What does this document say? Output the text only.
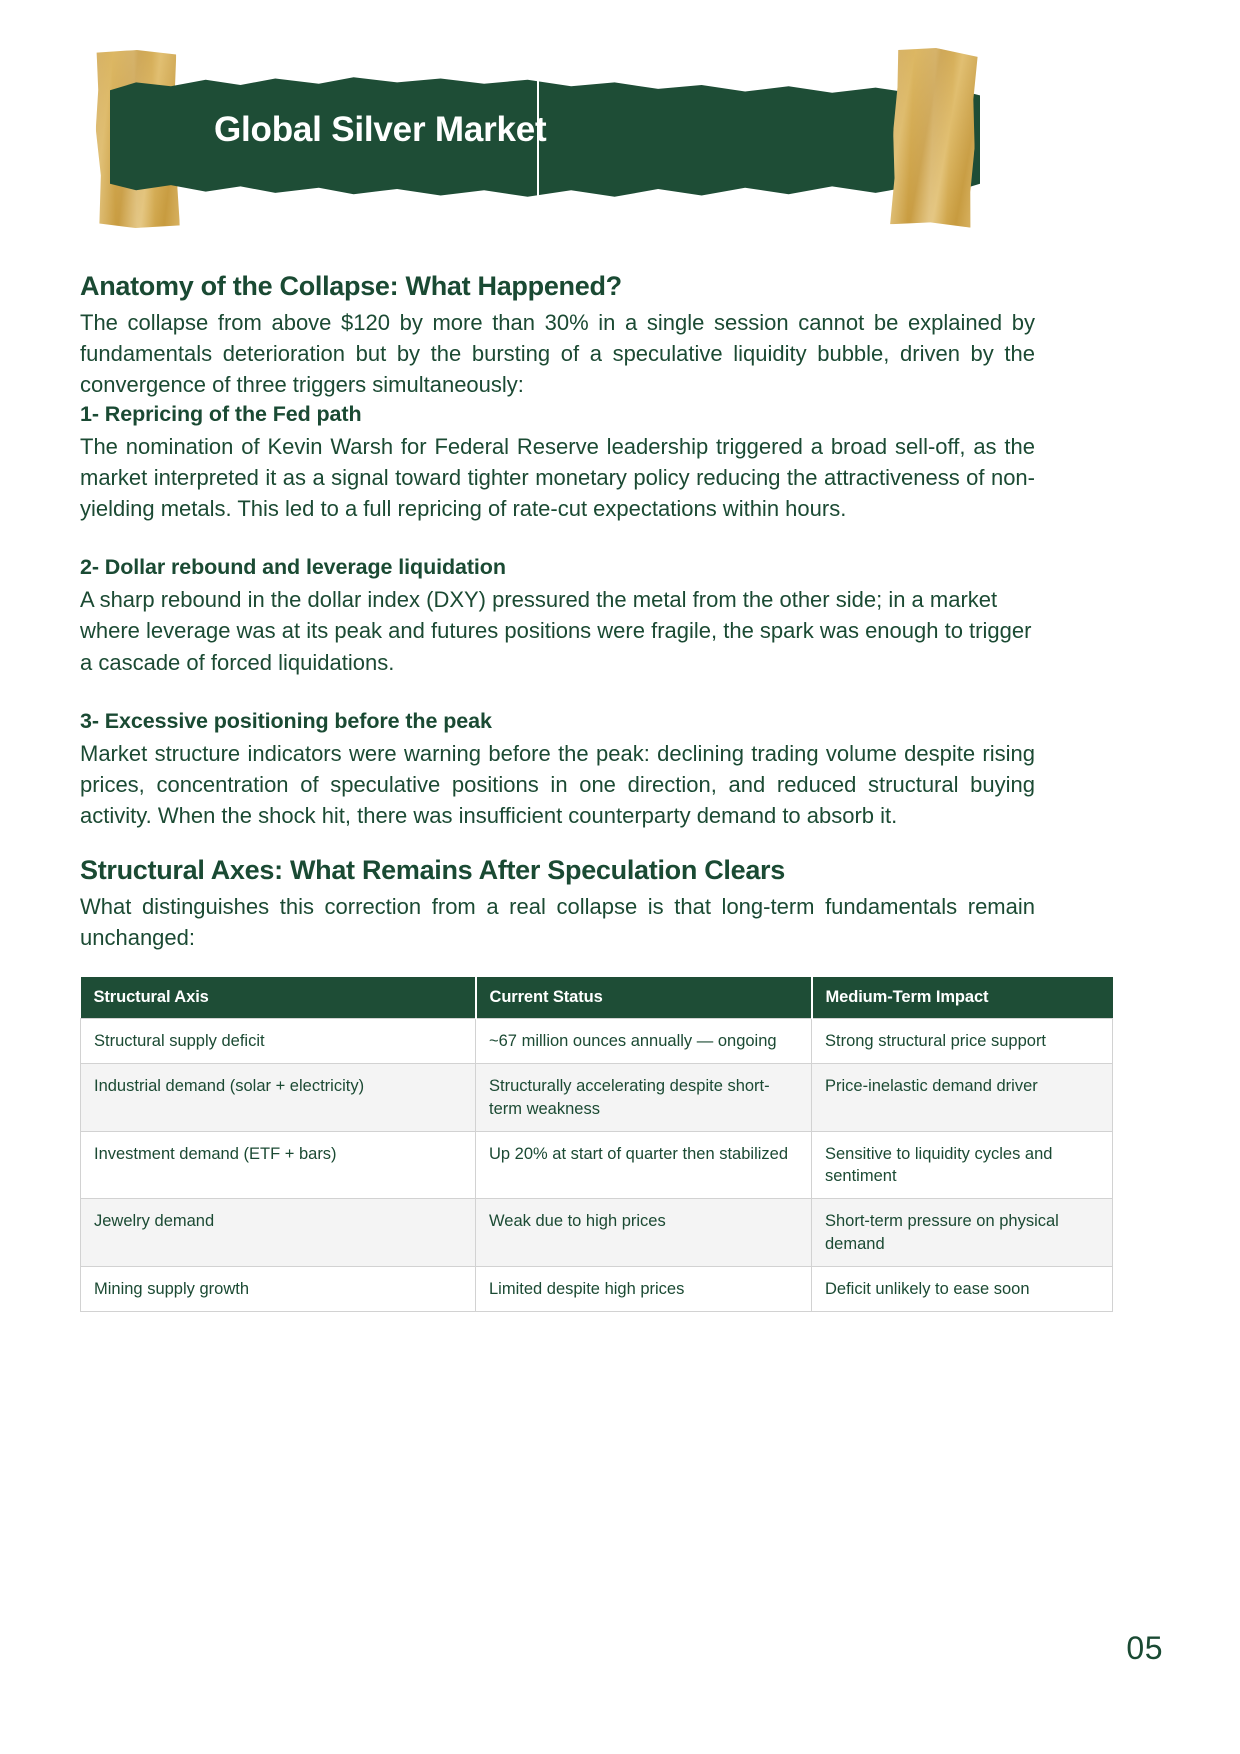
Global Silver Market
Anatomy of the Collapse: What Happened?

The collapse from above $120 by more than 30% in a single session cannot be explained by fundamentals deterioration but by the bursting of a speculative liquidity bubble, driven by the convergence of three triggers simultaneously:

1- Repricing of the Fed path

The nomination of Kevin Warsh for Federal Reserve leadership triggered a broad sell-off, as the market interpreted it as a signal toward tighter monetary policy reducing the attractiveness of non-yielding metals. This led to a full repricing of rate-cut expectations within hours.

2- Dollar rebound and leverage liquidation

A sharp rebound in the dollar index (DXY) pressured the metal from the other side; in a market where leverage was at its peak and futures positions were fragile, the spark was enough to trigger a cascade of forced liquidations.

3- Excessive positioning before the peak

Market structure indicators were warning before the peak: declining trading volume despite rising prices, concentration of speculative positions in one direction, and reduced structural buying activity. When the shock hit, there was insufficient counterparty demand to absorb it.

Structural Axes: What Remains After Speculation Clears

What distinguishes this correction from a real collapse is that long-term fundamentals remain unchanged:

Structural Axis	Current Status	Medium-Term Impact
Structural supply deficit	~67 million ounces annually — ongoing	Strong structural price support
Industrial demand (solar + electricity)	Structurally accelerating despite short-term weakness	Price-inelastic demand driver
Investment demand (ETF + bars)	Up 20% at start of quarter then stabilized	Sensitive to liquidity cycles and sentiment
Jewelry demand	Weak due to high prices	Short-term pressure on physical demand
Mining supply growth	Limited despite high prices	Deficit unlikely to ease soon
05
